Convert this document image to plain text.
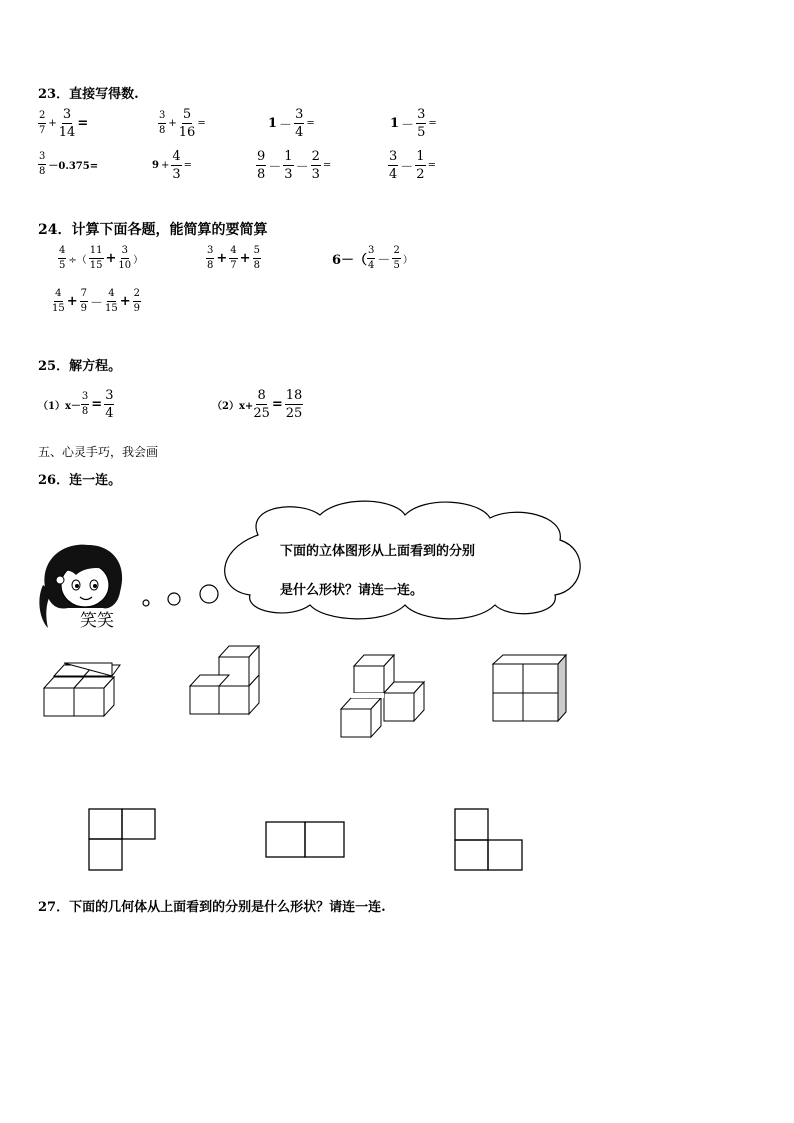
23．直接写得数.
$\frac{2}{7} + \frac{3}{14}$ =	$\frac{3}{8} + \frac{5}{16}$ =	$1 - \frac{3}{4}$ =	$1 - \frac{3}{5}$ =
$\frac{3}{8} -0.375=$	$9 + \frac{4}{3}$ =	$\frac{9}{8} - \frac{1}{3} - \frac{2}{3}$ =	$\frac{3}{4} - \frac{1}{2}$ =
24．计算下面各题，能简算的要简算
$\frac{4}{5}$ ÷（ $\frac{11}{15} + \frac{3}{10}$ ）	$\frac{3}{8} + \frac{4}{7} + \frac{5}{8}$	$6-( \frac{3}{4} - \frac{2}{5}$ ）
$\frac{4}{15} + \frac{7}{9} - \frac{4}{15} + \frac{2}{9}$
25．解方程。
$(1)x- \frac{3}{8} = \frac{3}{4}$	$(2)x+ \frac{8}{25} = \frac{18}{25}$
五、心灵手巧，我会画
26．连一连。
下面的立体图形从上面看到的分别
是什么形状？请连一连。
笑笑
27．下面的几何体从上面看到的分别是什么形状？请连一连.
